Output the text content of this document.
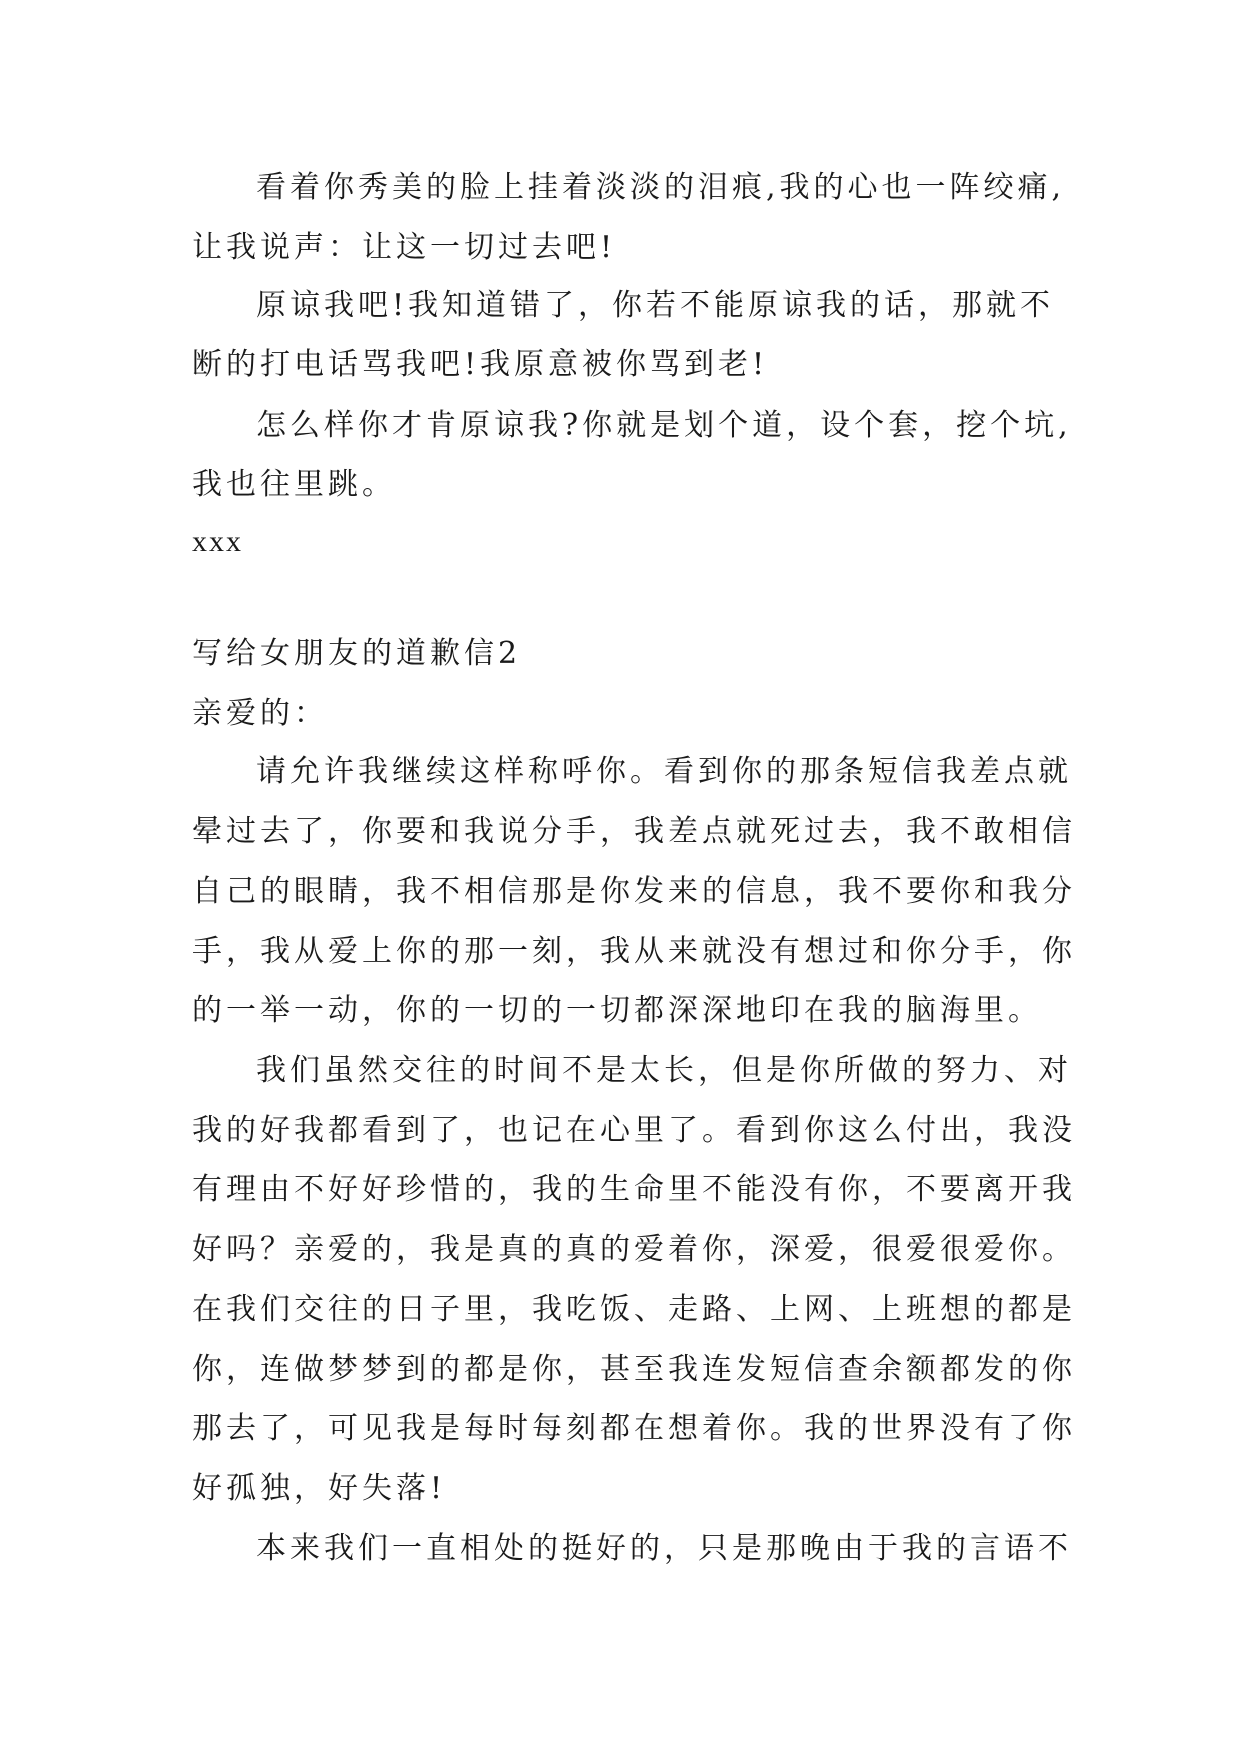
看着你秀美的脸上挂着淡淡的泪痕,我的心也一阵绞痛,
让我说声：让这一切过去吧!
原谅我吧!我知道错了，你若不能原谅我的话，那就不
断的打电话骂我吧!我原意被你骂到老!
怎么样你才肯原谅我?你就是划个道，设个套，挖个坑,
我也往里跳。
xxx
写给女朋友的道歉信2
亲爱的：
请允许我继续这样称呼你。看到你的那条短信我差点就
晕过去了，你要和我说分手，我差点就死过去，我不敢相信
自己的眼睛，我不相信那是你发来的信息，我不要你和我分
手，我从爱上你的那一刻，我从来就没有想过和你分手，你
的一举一动，你的一切的一切都深深地印在我的脑海里。
我们虽然交往的时间不是太长，但是你所做的努力、对
我的好我都看到了，也记在心里了。看到你这么付出，我没
有理由不好好珍惜的，我的生命里不能没有你，不要离开我
好吗？亲爱的，我是真的真的爱着你，深爱，很爱很爱你。
在我们交往的日子里，我吃饭、走路、上网、上班想的都是
你，连做梦梦到的都是你，甚至我连发短信查余额都发的你
那去了，可见我是每时每刻都在想着你。我的世界没有了你
好孤独，好失落!
本来我们一直相处的挺好的，只是那晚由于我的言语不
